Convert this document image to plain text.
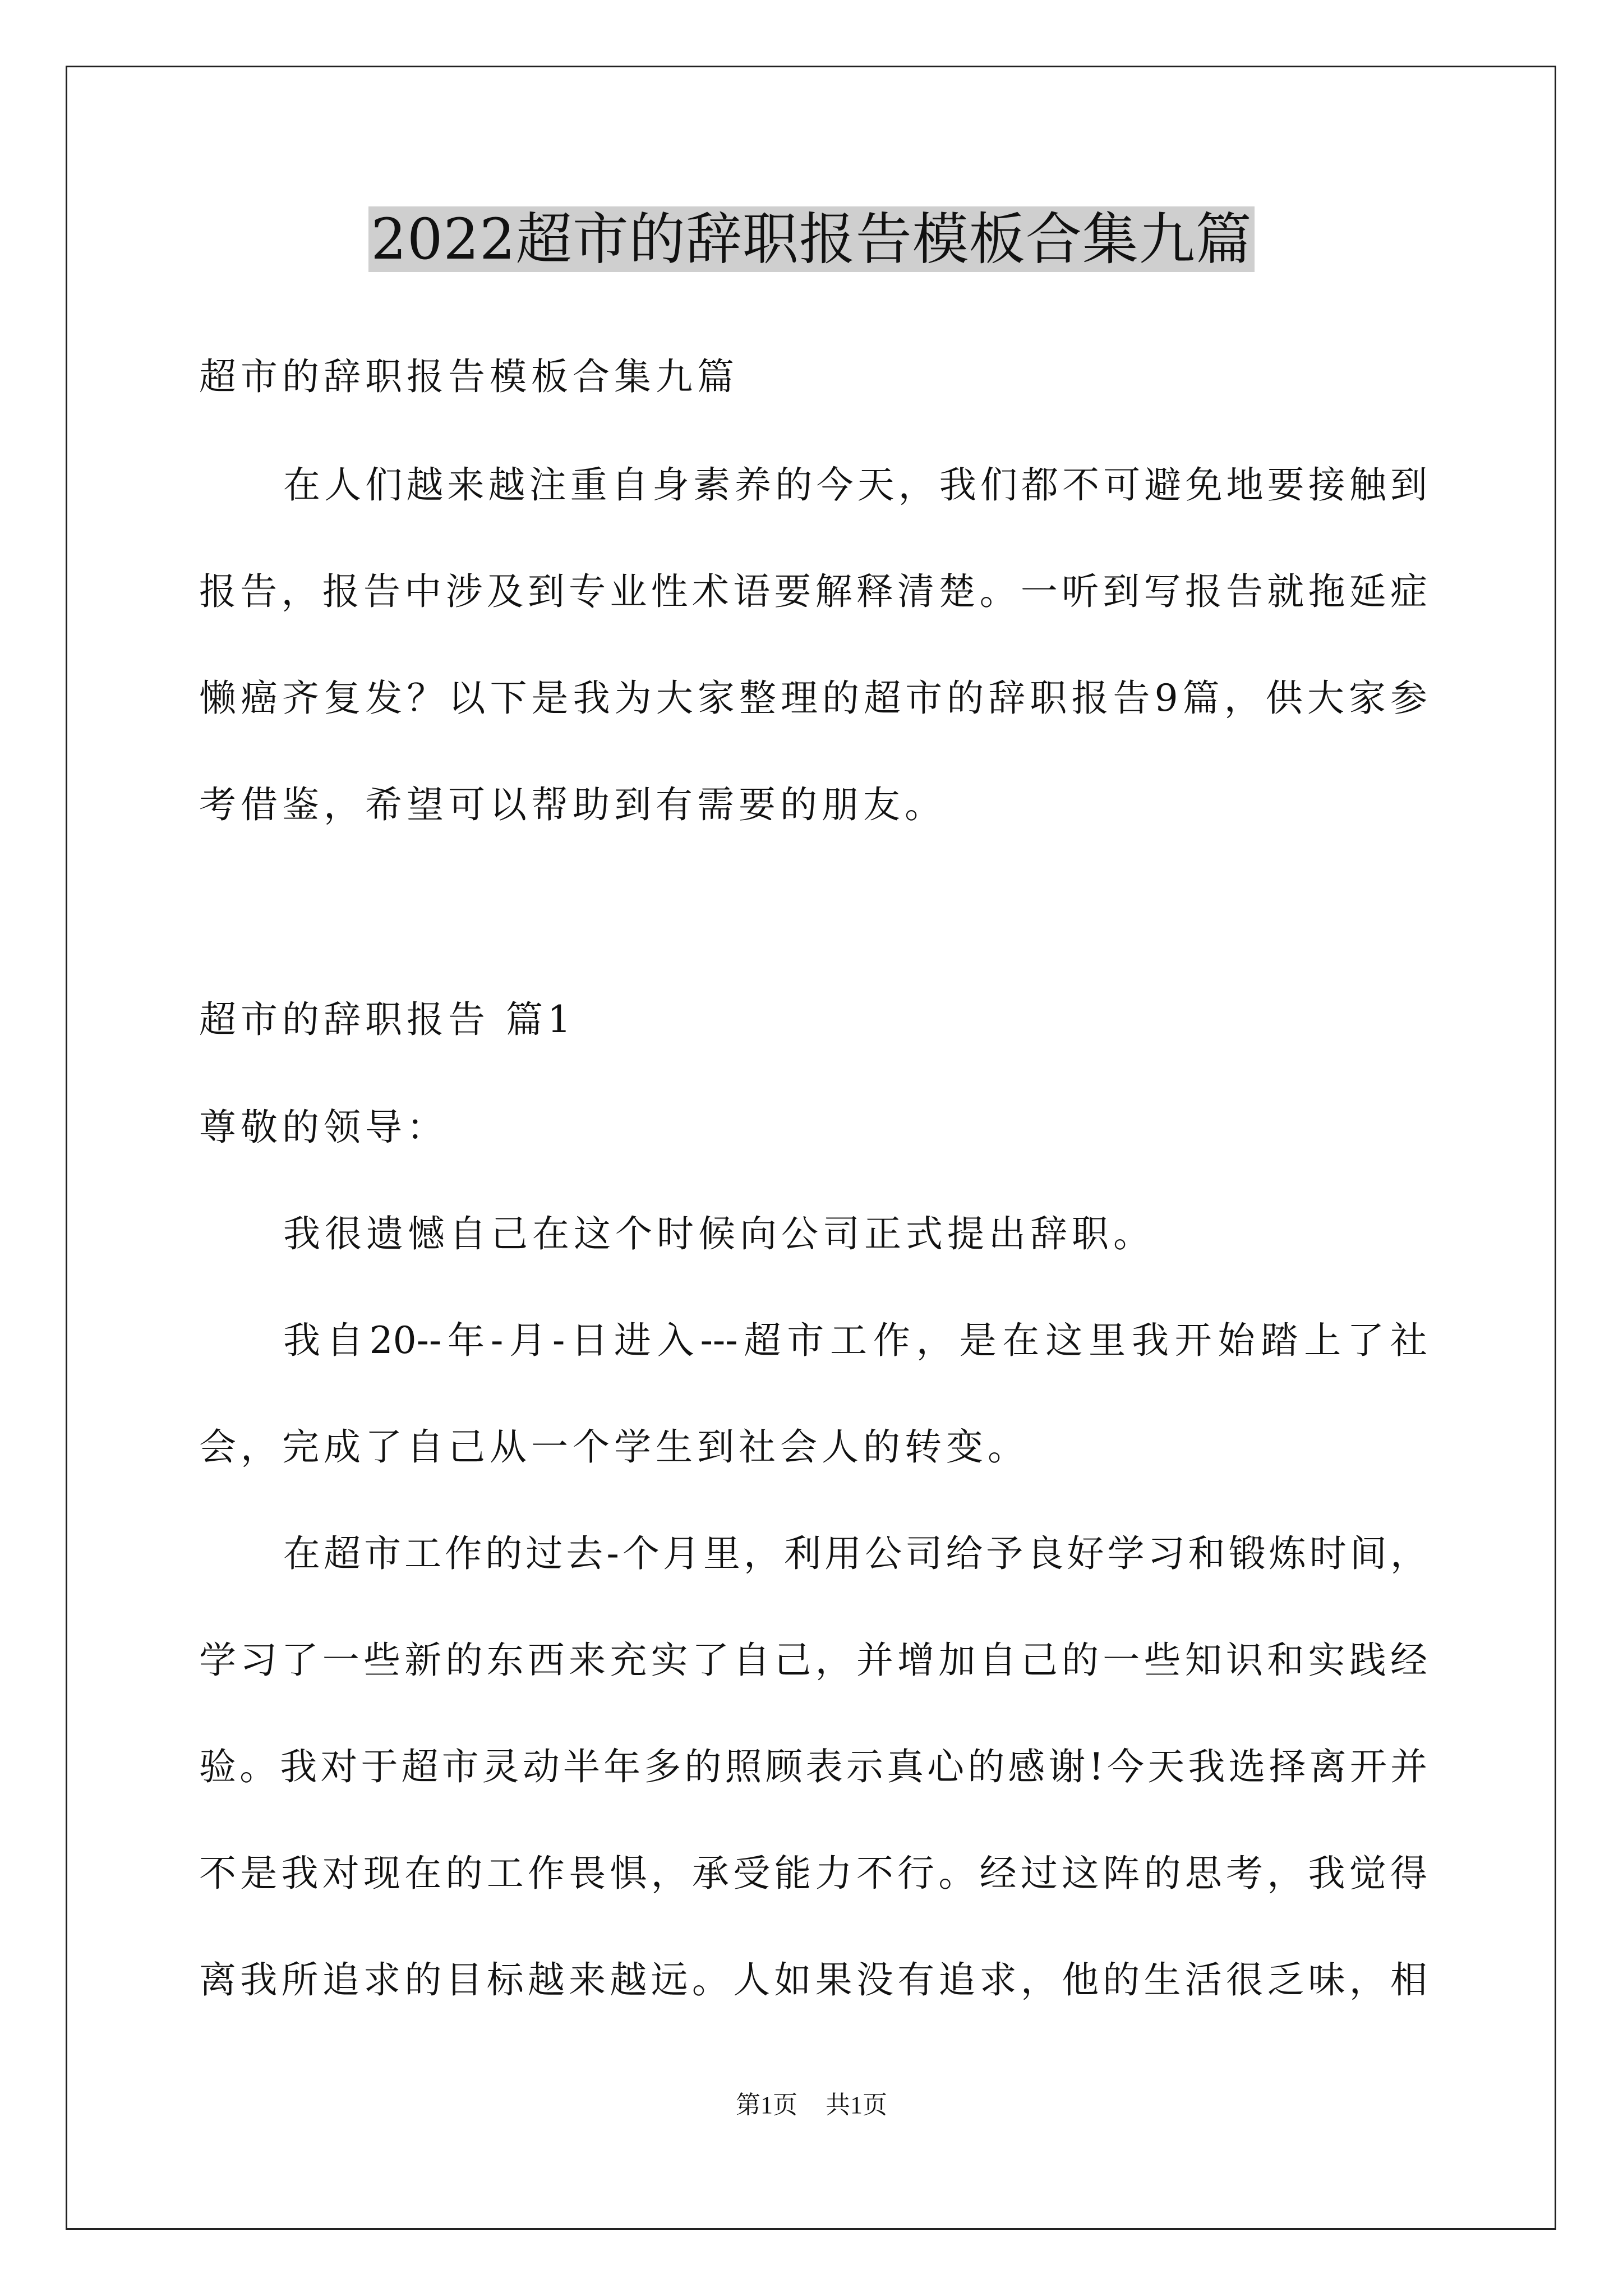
2022超市的辞职报告模板合集九篇
超市的辞职报告模板合集九篇
在人们越来越注重自身素养的今天，我们都不可避免地要接触到
报告，报告中涉及到专业性术语要解释清楚。一听到写报告就拖延症
懒癌齐复发？以下是我为大家整理的超市的辞职报告9篇，供大家参
考借鉴，希望可以帮助到有需要的朋友。
超市的辞职报告 篇1
尊敬的领导：
我很遗憾自己在这个时候向公司正式提出辞职。
我自20--年-月-日进入---超市工作，是在这里我开始踏上了社
会，完成了自己从一个学生到社会人的转变。
在超市工作的过去-个月里，利用公司给予良好学习和锻炼时间，
学习了一些新的东西来充实了自己，并增加自己的一些知识和实践经
验。我对于超市灵动半年多的照顾表示真心的感谢!今天我选择离开并
不是我对现在的工作畏惧，承受能力不行。经过这阵的思考，我觉得
离我所追求的目标越来越远。人如果没有追求，他的生活很乏味，相
第1页 共1页
